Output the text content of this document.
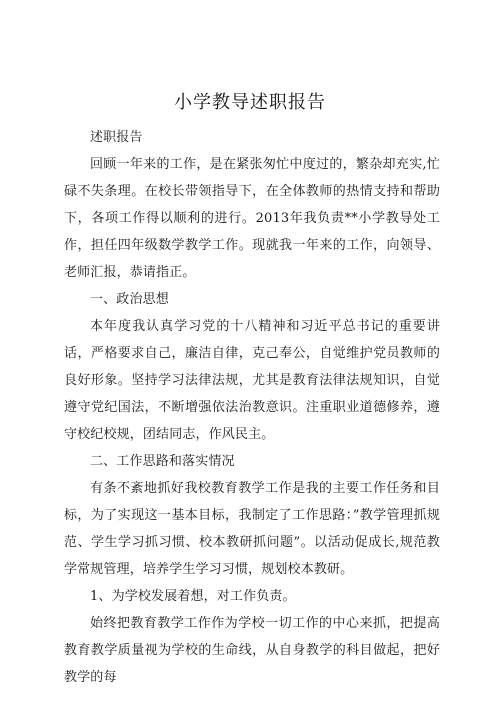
小学教导述职报告

述职报告

回顾一年来的工作，是在紧张匆忙中度过的，繁杂却充实,忙碌不失条理。在校长带领指导下，在全体教师的热情支持和帮助下，各项工作得以顺利的进行。2013年我负责**小学教导处工作，担任四年级数学教学工作。现就我一年来的工作，向领导、老师汇报，恭请指正。

一、政治思想

本年度我认真学习党的十八精神和习近平总书记的重要讲话，严格要求自己，廉洁自律，克己奉公，自觉维护党员教师的良好形象。坚持学习法律法规，尤其是教育法律法规知识，自觉遵守党纪国法，不断增强依法治教意识。注重职业道德修养，遵守校纪校规，团结同志，作风民主。

二、工作思路和落实情况

有条不紊地抓好我校教育教学工作是我的主要工作任务和目标，为了实现这一基本目标，我制定了工作思路：”教学管理抓规范、学生学习抓习惯、校本教研抓问题”。以活动促成长,规范教学常规管理，培养学生学习习惯，规划校本教研。

1、为学校发展着想，对工作负责。

始终把教育教学工作作为学校一切工作的中心来抓，把提高教育教学质量视为学校的生命线，从自身教学的科目做起，把好教学的每
